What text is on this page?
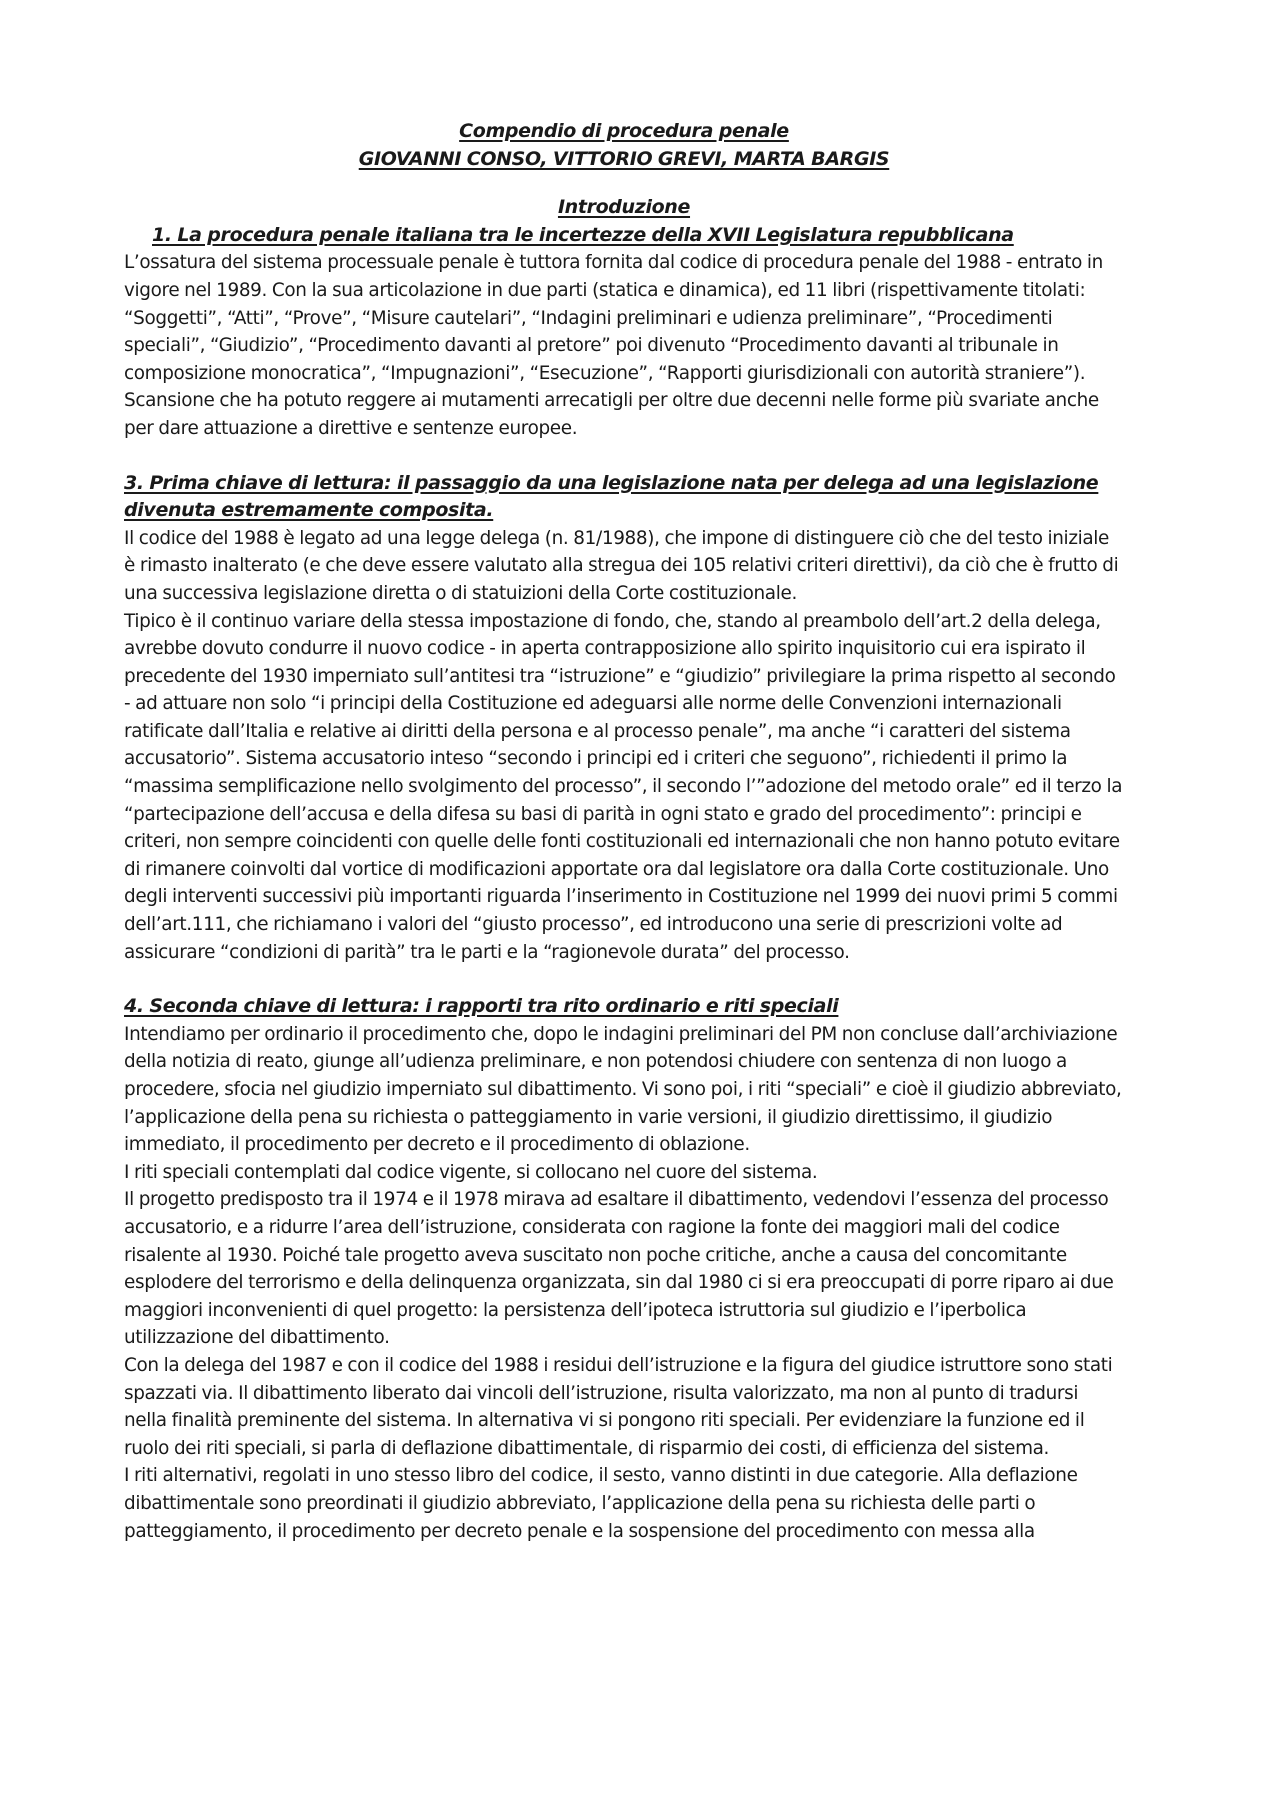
Compendio di procedura penale
GIOVANNI CONSO, VITTORIO GREVI, MARTA BARGIS
Introduzione
1. La procedura penale italiana tra le incertezze della XVII Legislatura repubblicana

L’ossatura del sistema processuale penale è tuttora fornita dal codice di procedura penale del 1988 - entrato in vigore nel 1989. Con la sua articolazione in due parti (statica e dinamica), ed 11 libri (rispettivamente titolati: “Soggetti”, “Atti”, “Prove”, “Misure cautelari”, “Indagini preliminari e udienza preliminare”, “Procedimenti speciali”, “Giudizio”, “Procedimento davanti al pretore” poi divenuto “Procedimento davanti al tribunale in composizione monocratica”, “Impugnazioni”, “Esecuzione”, “Rapporti giurisdizionali con autorità straniere”). Scansione che ha potuto reggere ai mutamenti arrecatigli per oltre due decenni nelle forme più svariate anche per dare attuazione a direttive e sentenze europee.

3. Prima chiave di lettura: il passaggio da una legislazione nata per delega ad una legislazione divenuta estremamente composita.

Il codice del 1988 è legato ad una legge delega (n. 81/1988), che impone di distinguere ciò che del testo iniziale è rimasto inalterato (e che deve essere valutato alla stregua dei 105 relativi criteri direttivi), da ciò che è frutto di una successiva legislazione diretta o di statuizioni della Corte costituzionale.

Tipico è il continuo variare della stessa impostazione di fondo, che, stando al preambolo dell’art.2 della delega, avrebbe dovuto condurre il nuovo codice - in aperta contrapposizione allo spirito inquisitorio cui era ispirato il precedente del 1930 imperniato sull’antitesi tra “istruzione” e “giudizio” privilegiare la prima rispetto al secondo - ad attuare non solo “i principi della Costituzione ed adeguarsi alle norme delle Convenzioni internazionali ratificate dall’Italia e relative ai diritti della persona e al processo penale”, ma anche “i caratteri del sistema accusatorio”. Sistema accusatorio inteso “secondo i principi ed i criteri che seguono”, richiedenti il primo la “massima semplificazione nello svolgimento del processo”, il secondo l’”adozione del metodo orale” ed il terzo la “partecipazione dell’accusa e della difesa su basi di parità in ogni stato e grado del procedimento”: principi e criteri, non sempre coincidenti con quelle delle fonti costituzionali ed internazionali che non hanno potuto evitare di rimanere coinvolti dal vortice di modificazioni apportate ora dal legislatore ora dalla Corte costituzionale. Uno degli interventi successivi più importanti riguarda l’inserimento in Costituzione nel 1999 dei nuovi primi 5 commi dell’art.111, che richiamano i valori del “giusto processo”, ed introducono una serie di prescrizioni volte ad assicurare “condizioni di parità” tra le parti e la “ragionevole durata” del processo.

4. Seconda chiave di lettura: i rapporti tra rito ordinario e riti speciali

Intendiamo per ordinario il procedimento che, dopo le indagini preliminari del PM non concluse dall’archiviazione della notizia di reato, giunge all’udienza preliminare, e non potendosi chiudere con sentenza di non luogo a procedere, sfocia nel giudizio imperniato sul dibattimento. Vi sono poi, i riti “speciali” e cioè il giudizio abbreviato, l’applicazione della pena su richiesta o patteggiamento in varie versioni, il giudizio direttissimo, il giudizio immediato, il procedimento per decreto e il procedimento di oblazione.

I riti speciali contemplati dal codice vigente, si collocano nel cuore del sistema.

Il progetto predisposto tra il 1974 e il 1978 mirava ad esaltare il dibattimento, vedendovi l’essenza del processo accusatorio, e a ridurre l’area dell’istruzione, considerata con ragione la fonte dei maggiori mali del codice risalente al 1930. Poiché tale progetto aveva suscitato non poche critiche, anche a causa del concomitante esplodere del terrorismo e della delinquenza organizzata, sin dal 1980 ci si era preoccupati di porre riparo ai due maggiori inconvenienti di quel progetto: la persistenza dell’ipoteca istruttoria sul giudizio e l’iperbolica utilizzazione del dibattimento.

Con la delega del 1987 e con il codice del 1988 i residui dell’istruzione e la figura del giudice istruttore sono stati spazzati via. Il dibattimento liberato dai vincoli dell’istruzione, risulta valorizzato, ma non al punto di tradursi nella finalità preminente del sistema. In alternativa vi si pongono riti speciali. Per evidenziare la funzione ed il ruolo dei riti speciali, si parla di deflazione dibattimentale, di risparmio dei costi, di efficienza del sistema.

I riti alternativi, regolati in uno stesso libro del codice, il sesto, vanno distinti in due categorie. Alla deflazione dibattimentale sono preordinati il giudizio abbreviato, l’applicazione della pena su richiesta delle parti o patteggiamento, il procedimento per decreto penale e la sospensione del procedimento con messa alla
